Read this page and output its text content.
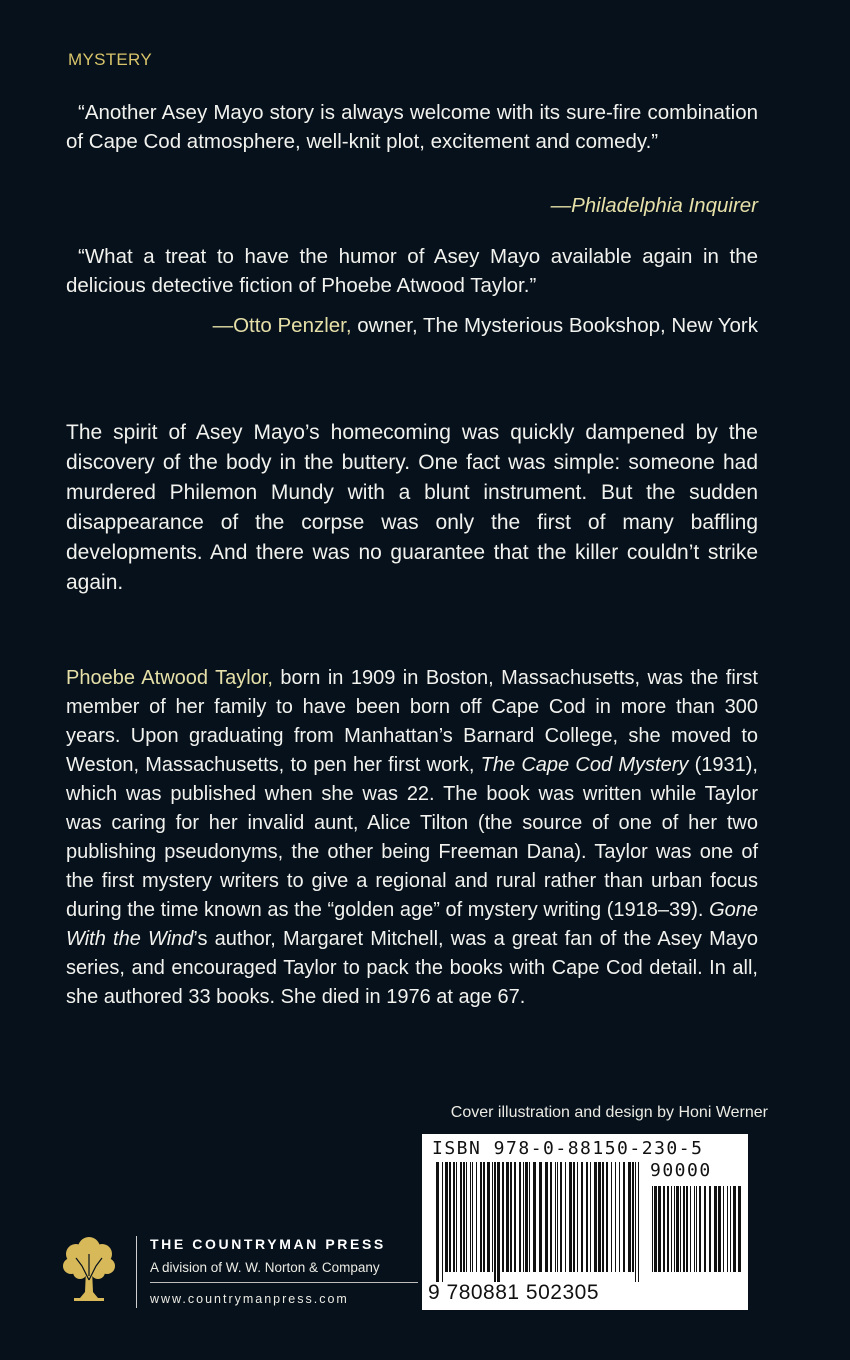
MYSTERY
“Another Asey Mayo story is always welcome with its sure-fire combination of Cape Cod atmosphere, well-knit plot, excitement and comedy.”
—Philadelphia Inquirer
“What a treat to have the humor of Asey Mayo available again in the delicious detective fiction of Phoebe Atwood Taylor.”
—Otto Penzler, owner, The Mysterious Bookshop, New York
The spirit of Asey Mayo’s homecoming was quickly dampened by the discovery of the body in the buttery. One fact was simple: someone had murdered Philemon Mundy with a blunt instrument. But the sudden disappearance of the corpse was only the first of many baffling developments. And there was no guarantee that the killer couldn’t strike again.
Phoebe Atwood Taylor, born in 1909 in Boston, Massachusetts, was the first member of her family to have been born off Cape Cod in more than 300 years. Upon graduating from Manhattan’s Barnard College, she moved to Weston, Massachusetts, to pen her first work, The Cape Cod Mystery (1931), which was published when she was 22. The book was written while Taylor was caring for her invalid aunt, Alice Tilton (the source of one of her two publishing pseudonyms, the other being Freeman Dana). Taylor was one of the first mystery writers to give a regional and rural rather than urban focus during the time known as the “golden age” of mystery writing (1918–39). Gone With the Wind’s author, Margaret Mitchell, was a great fan of the Asey Mayo series, and encouraged Taylor to pack the books with Cape Cod detail. In all, she authored 33 books. She died in 1976 at age 67.
Cover illustration and design by Honi Werner
THE COUNTRYMAN PRESS
A division of W. W. Norton & Company
www.countrymanpress.com
ISBN 978-0-88150-230-5
90000
9 780881 502305
